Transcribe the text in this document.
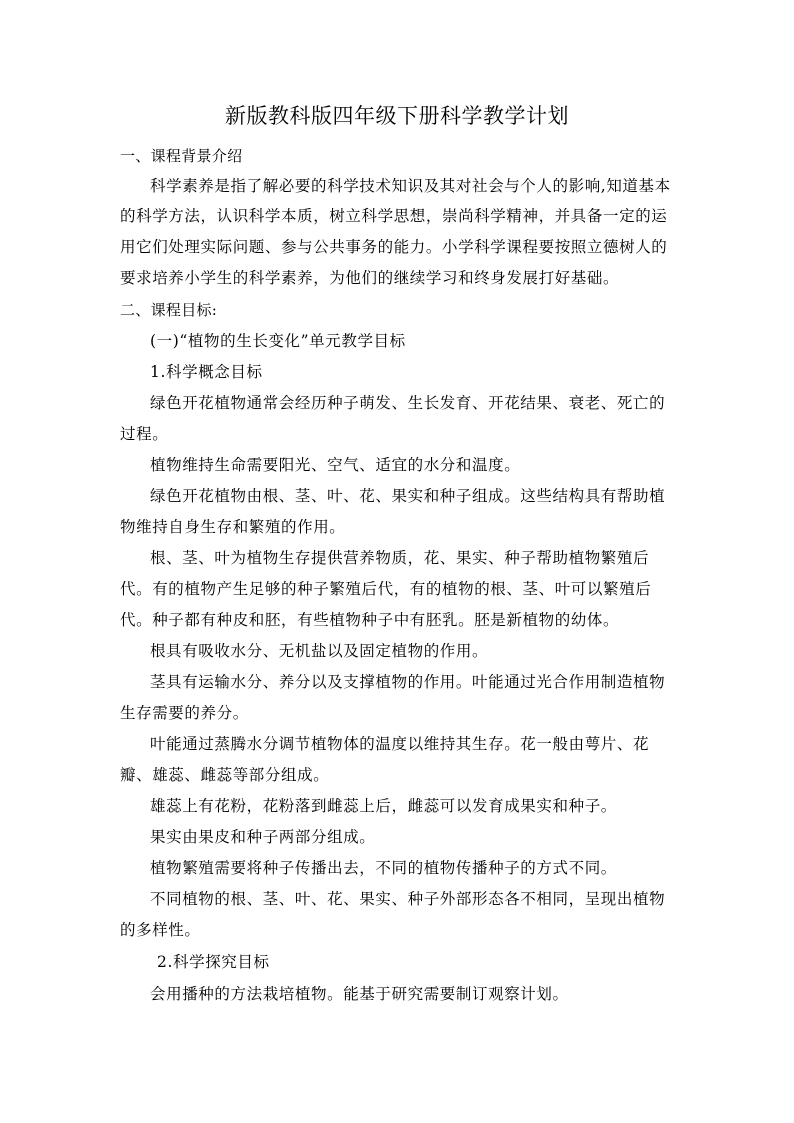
新版教科版四年级下册科学教学计划
一、课程背景介绍
科学素养是指了解必要的科学技术知识及其对社会与个人的影响,知道基本
的科学方法，认识科学本质，树立科学思想，崇尚科学精神，并具备一定的运
用它们处理实际问题、参与公共事务的能力。小学科学课程要按照立德树人的
要求培养小学生的科学素养，为他们的继续学习和终身发展打好基础。
二、课程目标:
(一)“植物的生长变化”单元教学目标
1.科学概念目标
绿色开花植物通常会经历种子萌发、生长发育、开花结果、衰老、死亡的
过程。
植物维持生命需要阳光、空气、适宜的水分和温度。
绿色开花植物由根、茎、叶、花、果实和种子组成。这些结构具有帮助植
物维持自身生存和繁殖的作用。
根、茎、叶为植物生存提供营养物质，花、果实、种子帮助植物繁殖后
代。有的植物产生足够的种子繁殖后代，有的植物的根、茎、叶可以繁殖后
代。种子都有种皮和胚，有些植物种子中有胚乳。胚是新植物的幼体。
根具有吸收水分、无机盐以及固定植物的作用。
茎具有运输水分、养分以及支撑植物的作用。叶能通过光合作用制造植物
生存需要的养分。
叶能通过蒸腾水分调节植物体的温度以维持其生存。花一般由萼片、花
瓣、雄蕊、雌蕊等部分组成。
雄蕊上有花粉，花粉落到雌蕊上后，雌蕊可以发育成果实和种子。
果实由果皮和种子两部分组成。
植物繁殖需要将种子传播出去，不同的植物传播种子的方式不同。
不同植物的根、茎、叶、花、果实、种子外部形态各不相同，呈现出植物
的多样性。
2.科学探究目标
会用播种的方法栽培植物。能基于研究需要制订观察计划。
